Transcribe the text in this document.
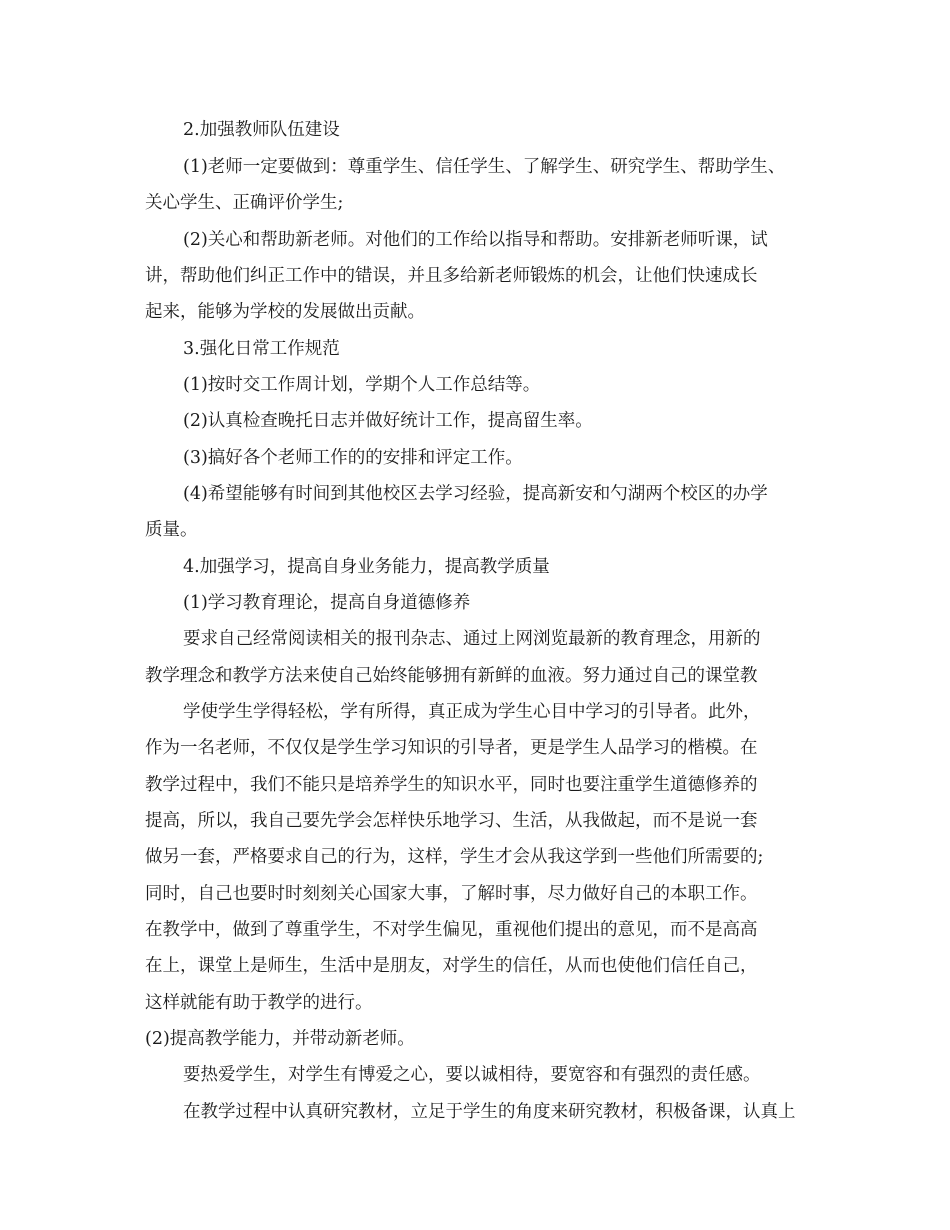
2.加强教师队伍建设
(1)老师一定要做到：尊重学生、信任学生、了解学生、研究学生、帮助学生、
关心学生、正确评价学生;
(2)关心和帮助新老师。对他们的工作给以指导和帮助。安排新老师听课，试
讲，帮助他们纠正工作中的错误，并且多给新老师锻炼的机会，让他们快速成长
起来，能够为学校的发展做出贡献。
3.强化日常工作规范
(1)按时交工作周计划，学期个人工作总结等。
(2)认真检查晚托日志并做好统计工作，提高留生率。
(3)搞好各个老师工作的的安排和评定工作。
(4)希望能够有时间到其他校区去学习经验，提高新安和勺湖两个校区的办学
质量。
4.加强学习，提高自身业务能力，提高教学质量
(1)学习教育理论，提高自身道德修养
要求自己经常阅读相关的报刊杂志、通过上网浏览最新的教育理念，用新的
教学理念和教学方法来使自己始终能够拥有新鲜的血液。努力通过自己的课堂教
学使学生学得轻松，学有所得，真正成为学生心目中学习的引导者。此外，
作为一名老师，不仅仅是学生学习知识的引导者，更是学生人品学习的楷模。在
教学过程中，我们不能只是培养学生的知识水平，同时也要注重学生道德修养的
提高，所以，我自己要先学会怎样快乐地学习、生活，从我做起，而不是说一套
做另一套，严格要求自己的行为，这样，学生才会从我这学到一些他们所需要的;
同时，自己也要时时刻刻关心国家大事，了解时事，尽力做好自己的本职工作。
在教学中，做到了尊重学生，不对学生偏见，重视他们提出的意见，而不是高高
在上，课堂上是师生，生活中是朋友，对学生的信任，从而也使他们信任自己，
这样就能有助于教学的进行。
(2)提高教学能力，并带动新老师。
要热爱学生，对学生有博爱之心，要以诚相待，要宽容和有强烈的责任感。
在教学过程中认真研究教材，立足于学生的角度来研究教材，积极备课，认真上
